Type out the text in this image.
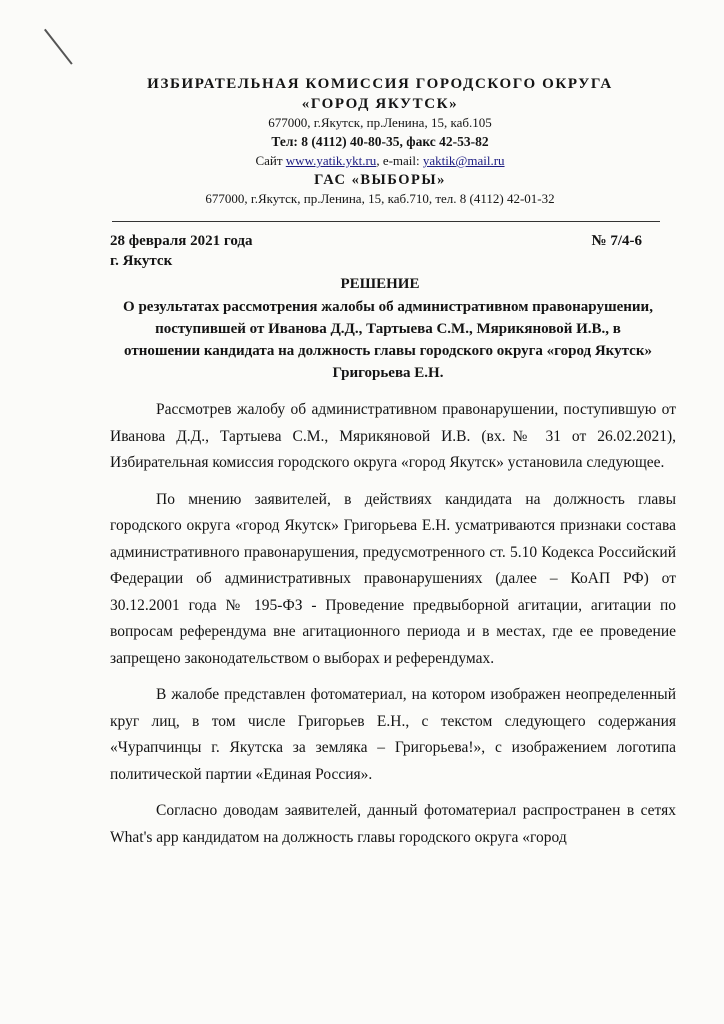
ИЗБИРАТЕЛЬНАЯ КОМИССИЯ ГОРОДСКОГО ОКРУГА
«ГОРОД ЯКУТСК»
677000, г.Якутск, пр.Ленина, 15, каб.105
Тел: 8 (4112) 40-80-35, факс 42-53-82
Сайт www.yatik.ykt.ru, e-mail: yaktik@mail.ru
ГАС «ВЫБОРЫ»
677000, г.Якутск, пр.Ленина, 15, каб.710, тел. 8 (4112) 42-01-32
28 февраля 2021 года	№ 7/4-6
г. Якутск
РЕШЕНИЕ
О результатах рассмотрения жалобы об административном правонарушении, поступившей от Иванова Д.Д., Тартыева С.М., Мярикяновой И.В., в отношении кандидата на должность главы городского округа «город Якутск» Григорьева Е.Н.

Рассмотрев жалобу об административном правонарушении, поступившую от Иванова Д.Д., Тартыева С.М., Мярикяновой И.В. (вх.№ 31 от 26.02.2021), Избирательная комиссия городского округа «город Якутск» установила следующее.

По мнению заявителей, в действиях кандидата на должность главы городского округа «город Якутск» Григорьева Е.Н. усматриваются признаки состава административного правонарушения, предусмотренного ст. 5.10 Кодекса Российский Федерации об административных правонарушениях (далее – КоАП РФ) от 30.12.2001 года № 195-ФЗ - Проведение предвыборной агитации, агитации по вопросам референдума вне агитационного периода и в местах, где ее проведение запрещено законодательством о выборах и референдумах.

В жалобе представлен фотоматериал, на котором изображен неопределенный круг лиц, в том числе Григорьев Е.Н., с текстом следующего содержания «Чурапчинцы г. Якутска за земляка – Григорьева!», с изображением логотипа политической партии «Единая Россия».

Согласно доводам заявителей, данный фотоматериал распространен в сетях What's app кандидатом на должность главы городского округа «город
